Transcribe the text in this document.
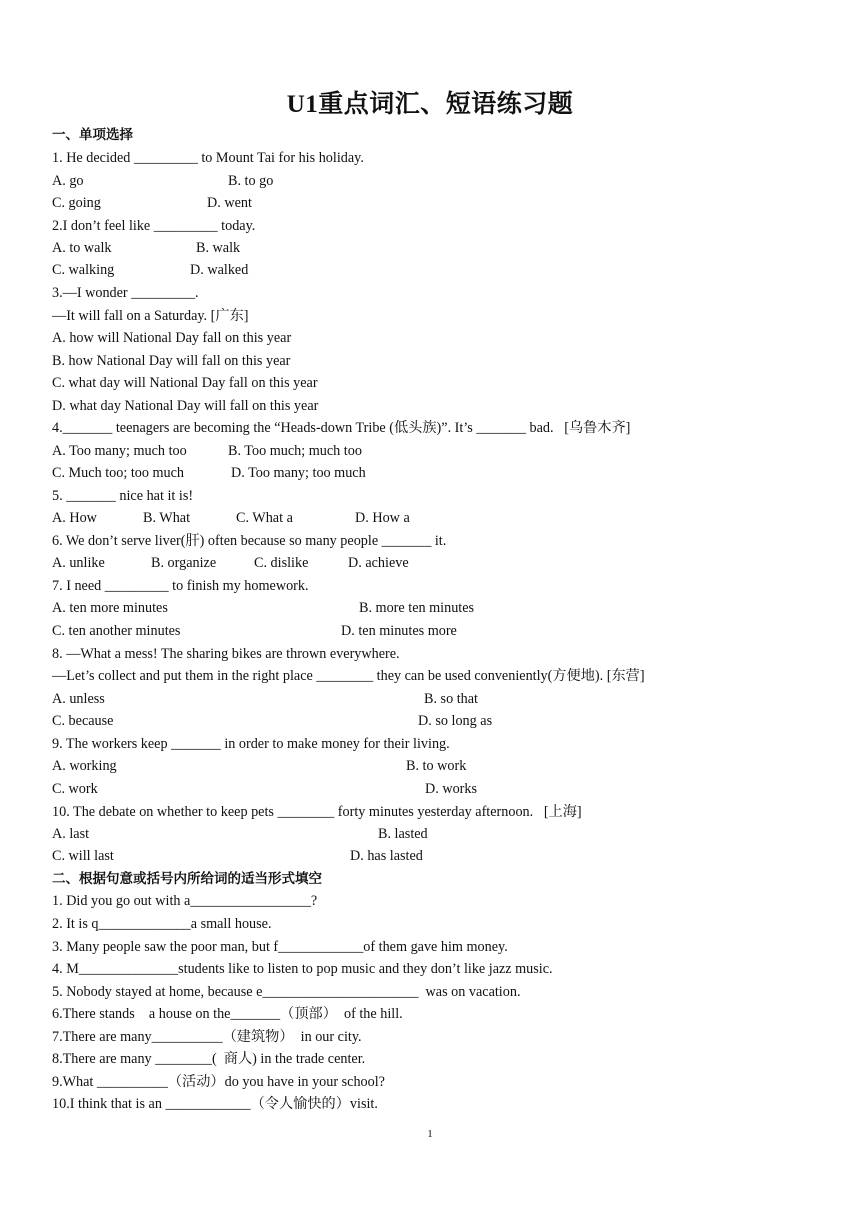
U1重点词汇、短语练习题
一、单项选择
1. He decided _________ to Mount Tai for his holiday.
A. go	B. to go
C. going	D. went
2.I don’t feel like _________ today.
A. to walk	B. walk
C. walking	D. walked
3.—I wonder _________.
—It will fall on a Saturday. [广东]
A. how will National Day fall on this year
B. how National Day will fall on this year
C. what day will National Day fall on this year
D. what day National Day will fall on this year
4._______ teenagers are becoming the “Heads-down Tribe (低头族)”. It’s _______ bad.   [乌鲁木齐]
A. Too many; much too	B. Too much; much too
C. Much too; too much	D. Too many; too much
5. _______ nice hat it is!
A. How	B. What	C. What a	D. How a
6. We don’t serve liver(肝) often because so many people _______ it.
A. unlike	B. organize	C. dislike	D. achieve
7. I need _________ to finish my homework.
A. ten more minutes	B. more ten minutes
C. ten another minutes	D. ten minutes more
8. —What a mess! The sharing bikes are thrown everywhere.
—Let’s collect and put them in the right place ________ they can be used conveniently(方便地). [东营]
A. unless	B. so that
C. because	D. so long as
9. The workers keep _______ in order to make money for their living.
A. working	B. to work
C. work	D. works
10. The debate on whether to keep pets ________ forty minutes yesterday afternoon.   [上海]
A. last	B. lasted
C. will last	D. has lasted
二、根据句意或括号内所给词的适当形式填空
1. Did you go out with a_________________?
2. It is q_____________a small house.
3. Many people saw the poor man, but f____________of them gave him money.
4. M______________students like to listen to pop music and they don’t like jazz music.
5. Nobody stayed at home, because e______________________  was on vacation.
6.There stands    a house on the_______（顶部）  of the hill.
7.There are many__________（建筑物）  in our city.
8.There are many ________(  商人) in the trade center.
9.What __________（活动）do you have in your school?
10.I think that is an ____________（令人愉快的）visit.
1
